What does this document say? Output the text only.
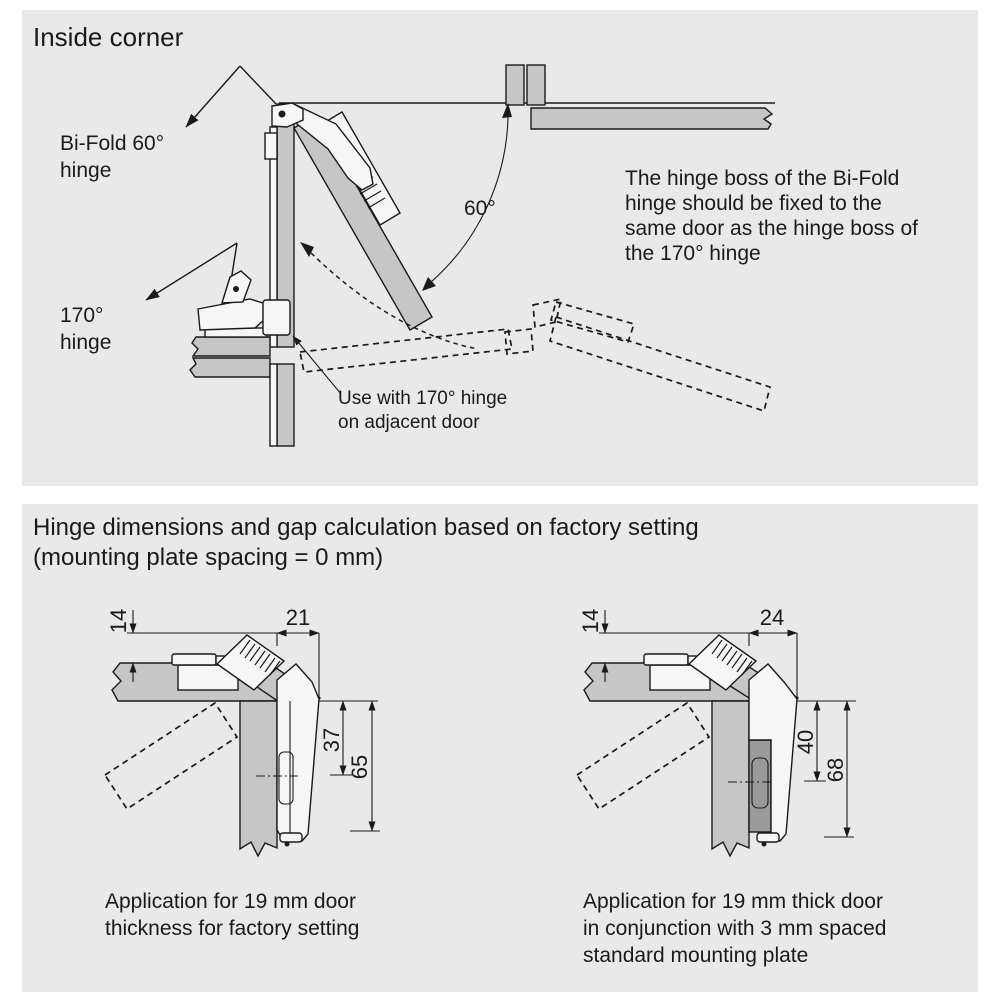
Inside corner
Bi-Fold 60°
hinge
170°
hinge
60°
Use with 170° hinge
on adjacent door
The hinge boss of the Bi-Fold
hinge should be fixed to the
same door as the hinge boss of
the 170° hinge
Hinge dimensions and gap calculation based on factory setting
(mounting plate spacing = 0 mm)
14	21
37
65
Application for 19 mm door
thickness for factory setting
14	24
40
68
Application for 19 mm thick door
in conjunction with 3 mm spaced
standard mounting plate
